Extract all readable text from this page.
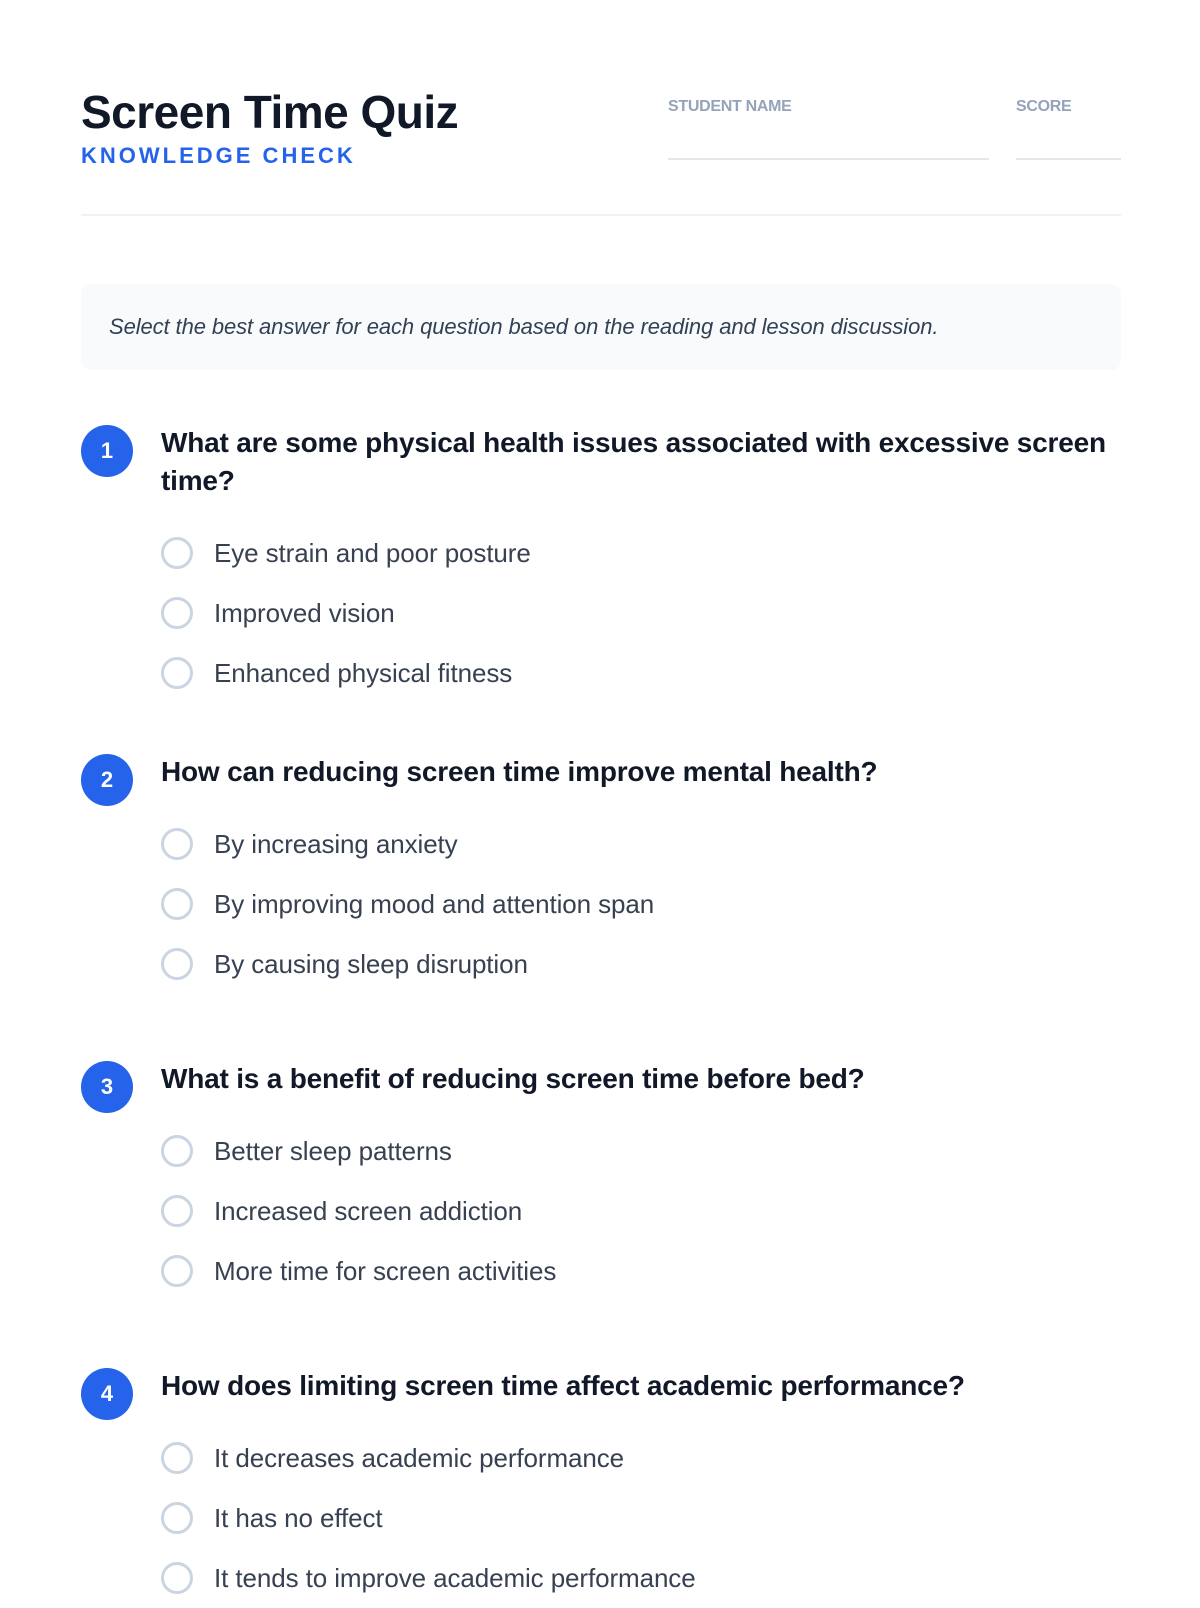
Screen Time Quiz
KNOWLEDGE CHECK
STUDENT NAME	SCORE
Select the best answer for each question based on the reading and lesson discussion.
1	What are some physical health issues associated with excessive screen time?
Eye strain and poor posture
Improved vision
Enhanced physical fitness
2	How can reducing screen time improve mental health?
By increasing anxiety
By improving mood and attention span
By causing sleep disruption
3	What is a benefit of reducing screen time before bed?
Better sleep patterns
Increased screen addiction
More time for screen activities
4	How does limiting screen time affect academic performance?
It decreases academic performance
It has no effect
It tends to improve academic performance
